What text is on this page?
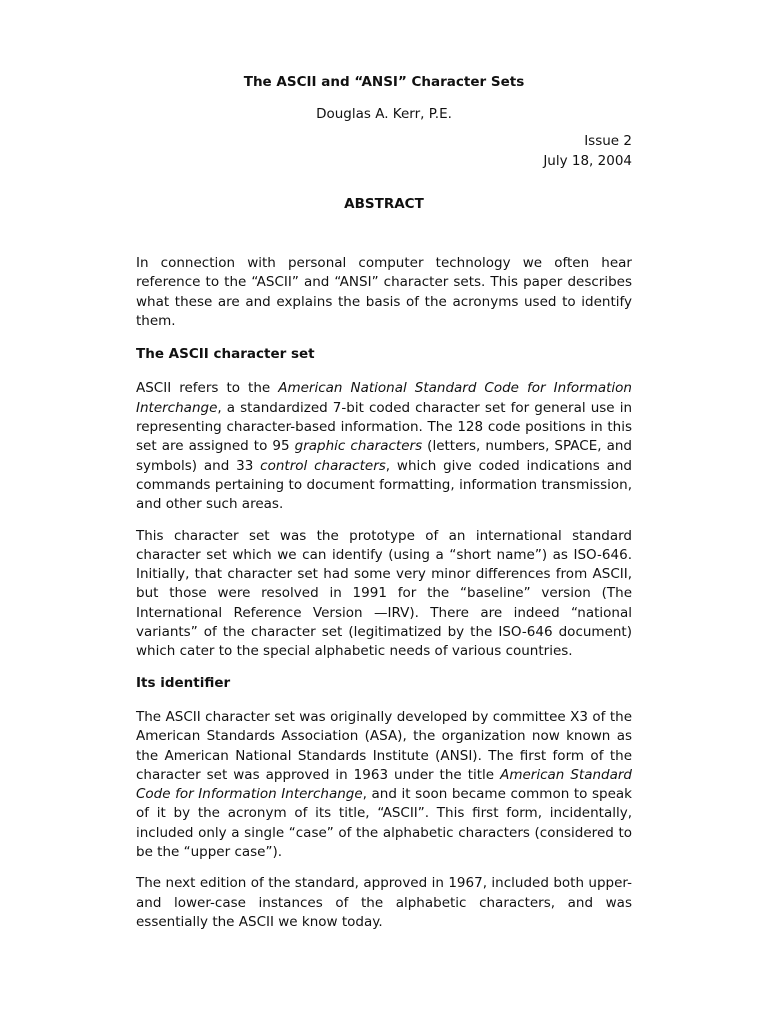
The ASCII and “ANSI” Character Sets
Douglas A. Kerr, P.E.
Issue 2
July 18, 2004
ABSTRACT

In connection with personal computer technology we often hear reference to the “ASCII” and “ANSI” character sets. This paper describes what these are and explains the basis of the acronyms used to identify them.

The ASCII character set

ASCII refers to the American National Standard Code for Information Interchange, a standardized 7-bit coded character set for general use in representing character-based information. The 128 code positions in this set are assigned to 95 graphic characters (letters, numbers, SPACE, and symbols) and 33 control characters, which give coded indications and commands pertaining to document formatting, information transmission, and other such areas.

This character set was the prototype of an international standard character set which we can identify (using a “short name”) as ISO-646. Initially, that character set had some very minor differences from ASCII, but those were resolved in 1991 for the “baseline” version (The International Reference Version —IRV). There are indeed “national variants” of the character set (legitimatized by the ISO-646 document) which cater to the special alphabetic needs of various countries.

Its identifier

The ASCII character set was originally developed by committee X3 of the American Standards Association (ASA), the organization now known as the American National Standards Institute (ANSI). The first form of the character set was approved in 1963 under the title American Standard Code for Information Interchange, and it soon became common to speak of it by the acronym of its title, “ASCII”. This first form, incidentally, included only a single “case” of the alphabetic characters (considered to be the “upper case”).

The next edition of the standard, approved in 1967, included both upper- and lower-case instances of the alphabetic characters, and was essentially the ASCII we know today.
